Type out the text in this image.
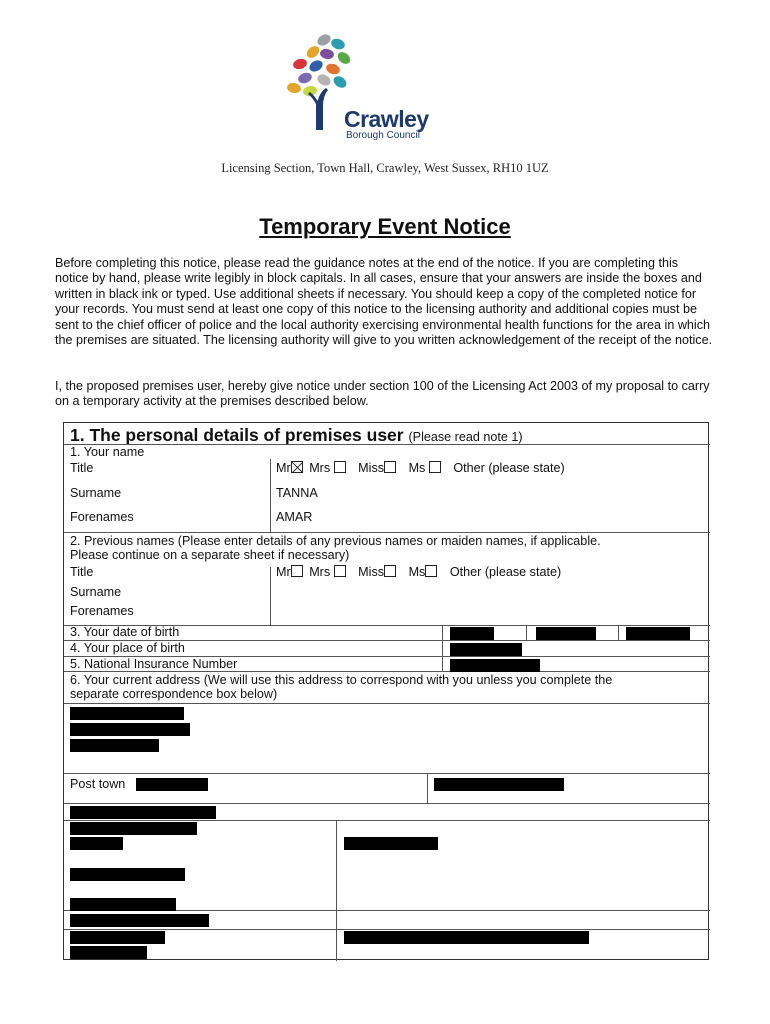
Crawley
Borough Council
Licensing Section, Town Hall, Crawley, West Sussex, RH10 1UZ
Temporary Event Notice
Before completing this notice, please read the guidance notes at the end of the notice. If you are completing this notice by hand, please write legibly in block capitals. In all cases, ensure that your answers are inside the boxes and written in black ink or typed. Use additional sheets if necessary. You should keep a copy of the completed notice for your records. You must send at least one copy of this notice to the licensing authority and additional copies must be sent to the chief officer of police and the local authority exercising environmental health functions for the area in which the premises are situated. The licensing authority will give to you written acknowledgement of the receipt of the notice.
I, the proposed premises user, hereby give notice under section 100 of the Licensing Act 2003 of my proposal to carry on a temporary activity at the premises described below.
1. The personal details of premises user (Please read note 1)
1. Your name
Title	Mr Mrs Miss Ms Other (please state)
Surname	TANNA
Forenames	AMAR
2. Previous names (Please enter details of any previous names or maiden names, if applicable.
Please continue on a separate sheet if necessary)
Title	Mr Mrs Miss Ms Other (please state)
Surname
Forenames
3. Your date of birth
4. Your place of birth
5. National Insurance Number
6. Your current address (We will use this address to correspond with you unless you complete the
separate correspondence box below)
Post town
